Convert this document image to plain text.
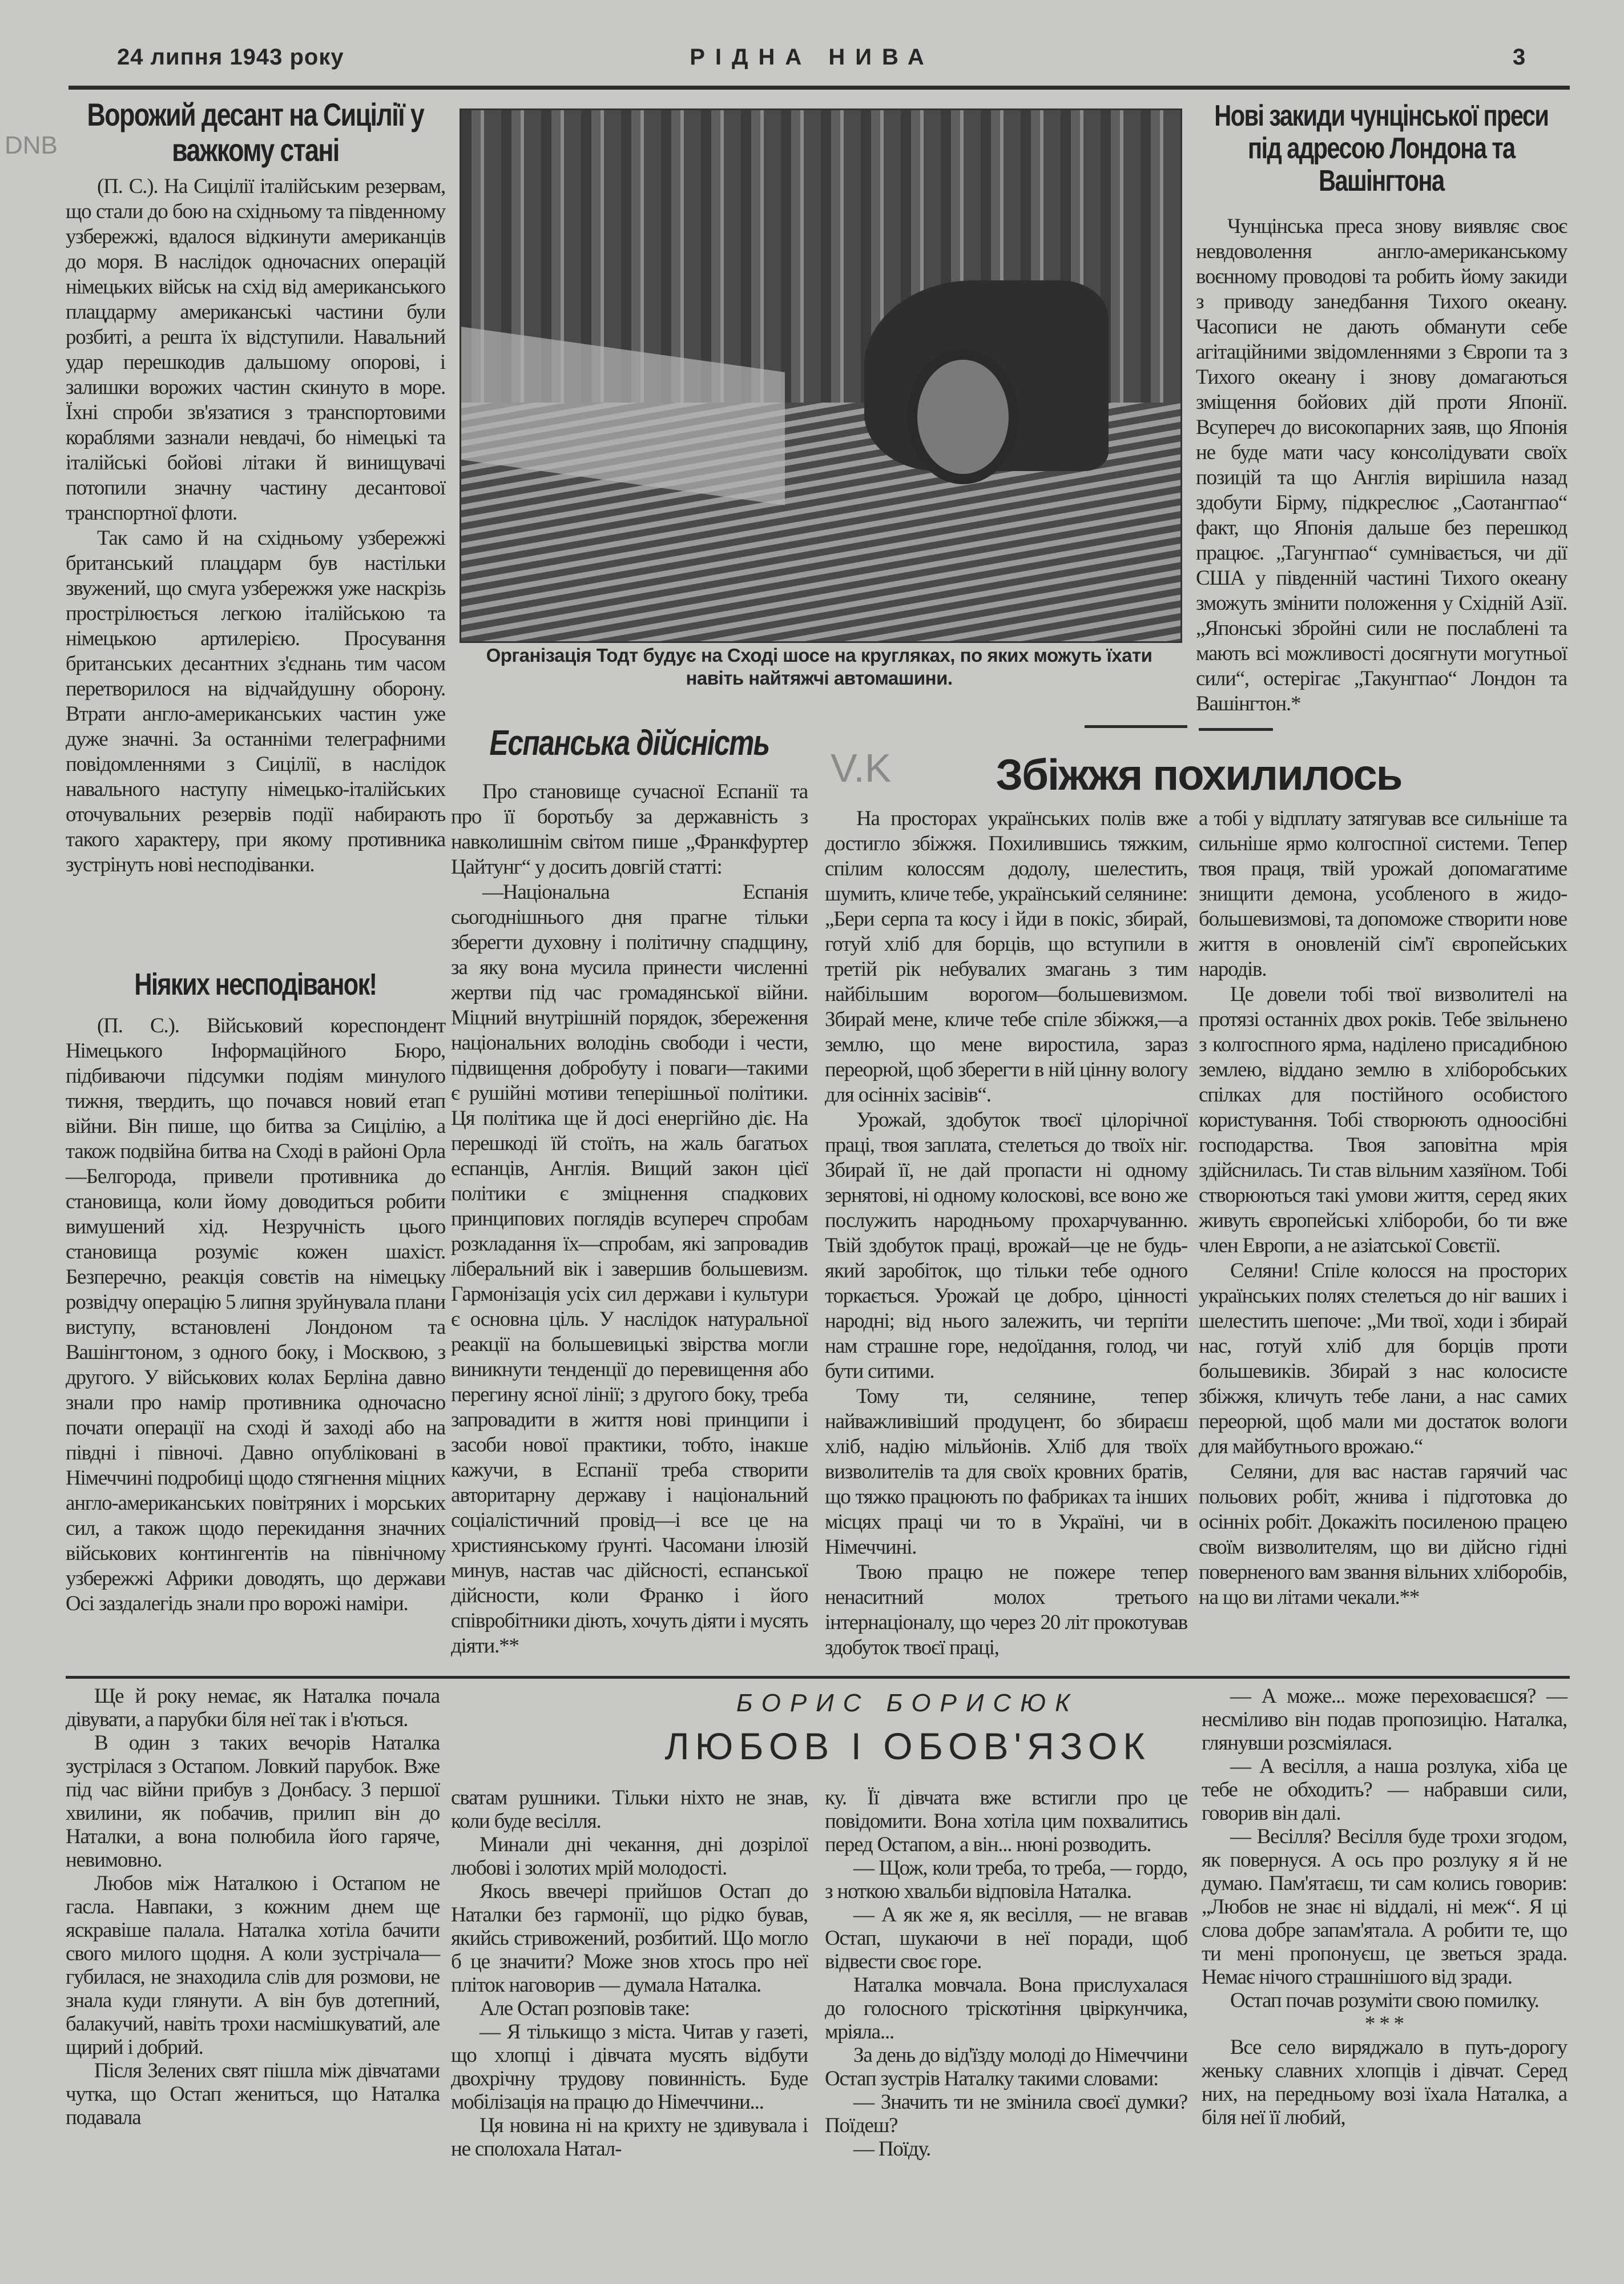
24 липня 1943 року	РІДНА НИВА	3
Ворожий десант на Сицілії у важкому стані

(П. С.). На Сицілії італійським резервам, що стали до бою на східньому та південному узбережжі, вдалося відкинути американців до моря. В наслідок одночасних операцій німецьких військ на схід від американського плацдарму американські частини були розбиті, а решта їх відступили. Навальний удар перешкодив дальшому опорові, і залишки ворожих частин скинуто в море. Їхні спроби зв'язатися з транспортовими кораблями зазнали невдачі, бо німецькі та італійські бойові літаки й винищувачі потопили значну частину десантової транспортної флоти.

Так само й на східньому узбережжі британський плацдарм був настільки звужений, що смуга узбережжя уже наскрізь прострілюється легкою італійською та німецькою артилерією. Просування британських десантних з'єднань тим часом перетворилося на відчайдушну оборону. Втрати англо-американських частин уже дуже значні. За останніми телеграфними повідомленнями з Сицілії, в наслідок навального наступу німецько-італійських оточувальних резервів події набирають такого характеру, при якому противника зустрінуть нові несподіванки.

DNB
Ніяких несподіванок!

(П. С.). Військовий кореспондент Німецького Інформаційного Бюро, підбиваючи підсумки подіям минулого тижня, твердить, що почався новий етап війни. Він пише, що битва за Сицілію, а також подвійна битва на Сході в районі Орла—Белгорода, привели противника до становища, коли йому доводиться робити вимушений хід. Незручність цього становища розуміє кожен шахіст. Безперечно, реакція совєтів на німецьку розвідчу операцію 5 липня зруйнувала плани виступу, встановлені Лондоном та Вашінгтоном, з одного боку, і Москвою, з другого. У військових колах Берліна давно знали про намір противника одночасно почати операції на сході й заході або на півдні і півночі. Давно опубліковані в Німеччині подробиці щодо стягнення міцних англо-американських повітряних і морських сил, а також щодо перекидання значних військових контингентів на північному узбережжі Африки доводять, що держави Осі заздалегідь знали про ворожі наміри.

Організація Тодт будує на Сході шосе на кругляках, по яких можуть їхати навіть найтяжчі автомашини.
Нові закиди чунцінської преси під адресою Лондона та Вашінгтона

Чунцінська преса знову виявляє своє невдоволення англо-американському воєнному проводові та робить йому закиди з приводу занедбання Тихого океану. Часописи не дають обманути себе агітаційними звідомленнями з Європи та з Тихого океану і знову домагаються зміщення бойових дій проти Японії. Всупереч до високопарних заяв, що Японія не буде мати часу консолідувати своїх позицій та що Англія вирішила назад здобути Бірму, підкреслює „Саотангпао“ факт, що Японія дальше без перешкод працює. „Тагунгпао“ сумнівається, чи дії США у південній частині Тихого океану зможуть змінити положення у Східній Азії. „Японські збройні сили не послаблені та мають всі можливості досягнути могутньої сили“, остерігає „Такунгпао“ Лондон та Вашінгтон.*

Еспанська дійсність

Про становище сучасної Еспанії та про її боротьбу за державність з навколишнім світом пише „Франкфуртер Цайтунг“ у досить довгій статті:

—Національна Еспанія сьогоднішнього дня прагне тільки зберегти духовну і політичну спадщину, за яку вона мусила принести численні жертви під час громадянської війни. Міцний внутрішній порядок, збереження національних володінь свободи і чести, підвищення добробуту і поваги—такими є рушійні мотиви теперішньої політики. Ця політика ще й досі енергійно діє. На перешкоді їй стоїть, на жаль багатьох еспанців, Англія. Вищий закон цієї політики є зміцнення спадкових принципових поглядів всупереч спробам розкладання їх—спробам, які запровадив ліберальний вік і завершив большевизм. Гармонізація усіх сил держави і культури є основна ціль. У наслідок натуральної реакції на большевицькі звірства могли виникнути тенденції до перевищення або перегину ясної лінії; з другого боку, треба запровадити в життя нові принципи і засоби нової практики, тобто, інакше кажучи, в Еспанії треба створити авторитарну державу і національний соціалістичний провід—і все це на християнському ґрунті. Часомани ілюзій минув, настав час дійсності, еспанської дійсности, коли Франко і його співробітники діють, хочуть діяти і мусять діяти.**

V.K	Збіжжя похилилось

На просторах українських полів вже достигло збіжжя. Похилившись тяжким, спілим колоссям додолу, шелестить, шумить, кличе тебе, український селянине: „Бери серпа та косу і йди в покіс, збирай, готуй хліб для борців, що вступили в третій рік небувалих змагань з тим найбільшим ворогом—большевизмом. Збирай мене, кличе тебе спіле збіжжя,—а землю, що мене виростила, зараз переорюй, щоб зберегти в ній цінну вологу для осінніх засівів“.

Урожай, здобуток твоєї цілорічної праці, твоя заплата, стелеться до твоїх ніг. Збирай її, не дай пропасти ні одному зернятові, ні одному колоскові, все воно же послужить народньому прохарчуванню. Твій здобуток праці, врожай—це не будь-який заробіток, що тільки тебе одного торкається. Урожай це добро, цінності народні; від нього залежить, чи терпіти нам страшне горе, недоїдання, голод, чи бути ситими.

Тому ти, селянине, тепер найважливіший продуцент, бо збираєш хліб, надію мільйонів. Хліб для твоїх визволителів та для своїх кровних братів, що тяжко працюють по фабриках та інших місцях праці чи то в Україні, чи в Німеччині.

Твою працю не пожере тепер ненаситний молох третього інтернаціоналу, що через 20 літ прокотував здобуток твоєї праці,

а тобі у відплату затягував все сильніше та сильніше ярмо колгоспної системи. Тепер твоя праця, твій урожай допомагатиме знищити демона, усобленого в жидо-большевизмові, та допоможе створити нове життя в оновленій сім'ї європейських народів.

Це довели тобі твої визволителі на протязі останніх двох років. Тебе звільнено з колгоспного ярма, наділено присадибною землею, віддано землю в хліборобських спілках для постійного особистого користування. Тобі створюють одноосібні господарства. Твоя заповітна мрія здійснилась. Ти став вільним хазяїном. Тобі створюються такі умови життя, серед яких живуть європейські хлібороби, бо ти вже член Европи, а не азіатської Совєтії.

Селяни! Спіле колосся на просторих українських полях стелеться до ніг ваших і шелестить шепоче: „Ми твої, ходи і збирай нас, готуй хліб для борців проти большевиків. Збирай з нас колосисте збіжжя, кличуть тебе лани, а нас самих переорюй, щоб мали ми достаток вологи для майбутнього врожаю.“

Селяни, для вас настав гарячий час польових робіт, жнива і підготовка до осінніх робіт. Докажіть посиленою працею своїм визволителям, що ви дійсно гідні поверненого вам звання вільних хліборобів, на що ви літами чекали.**

БОРИС БОРИСЮК
ЛЮБОВ І ОБОВ'ЯЗОК

Ще й року немає, як Наталка почала дівувати, а парубки біля неї так і в'ються.

В один з таких вечорів Наталка зустрілася з Остапом. Ловкий парубок. Вже під час війни прибув з Донбасу. З першої хвилини, як побачив, прилип він до Наталки, а вона полюбила його гаряче, невимовно.

Любов між Наталкою і Остапом не гасла. Навпаки, з кожним днем ще яскравіше палала. Наталка хотіла бачити свого милого щодня. А коли зустрічала—губилася, не знаходила слів для розмови, не знала куди глянути. А він був дотепний, балакучий, навіть трохи насмішкуватий, але щирий і добрий.

Після Зелених свят пішла між дівчатами чутка, що Остап жениться, що Наталка подавала

сватам рушники. Тільки ніхто не знав, коли буде весілля.

Минали дні чекання, дні дозрілої любові і золотих мрій молодості.

Якось ввечері прийшов Остап до Наталки без гармонії, що рідко бував, якийсь стривожений, розбитий. Що могло б це значити? Може знов хтось про неї пліток наговорив — думала Наталка.

Але Остап розповів таке:

— Я тількищо з міста. Читав у газеті, що хлопці і дівчата мусять відбути двохрічну трудову повинність. Буде мобілізація на працю до Німеччини...

Ця новина ні на крихту не здивувала і не сполохала Натал-

ку. Її дівчата вже встигли про це повідомити. Вона хотіла цим похвалитись перед Остапом, а він... нюні розводить.

— Щож, коли треба, то треба, — гордо, з ноткою хвальби відповіла Наталка.

— А як же я, як весілля, — не вгавав Остап, шукаючи в неї поради, щоб відвести своє горе.

Наталка мовчала. Вона прислухалася до голосного тріскотіння цвіркунчика, мріяла...

За день до від'їзду молоді до Німеччини Остап зустрів Наталку такими словами:

— Значить ти не змінила своєї думки? Поїдеш?

— Поїду.

— А може... може переховаєшся? — несміливо він подав пропозицію. Наталка, глянувши розсміялася.

— А весілля, а наша розлука, хіба це тебе не обходить? — набравши сили, говорив він далі.

— Весілля? Весілля буде трохи згодом, як повернуся. А ось про розлуку я й не думаю. Пам'ятаєш, ти сам колись говорив: „Любов не знає ні віддалі, ні меж“. Я ці слова добре запам'ятала. А робити те, що ти мені пропонуєш, це зветься зрада. Немає нічого страшнішого від зради.

Остап почав розуміти свою помилку.

* * *

Все село виряджало в путь-дорогу женьку славних хлопців і дівчат. Серед них, на передньому возі їхала Наталка, а біля неї її любий,
